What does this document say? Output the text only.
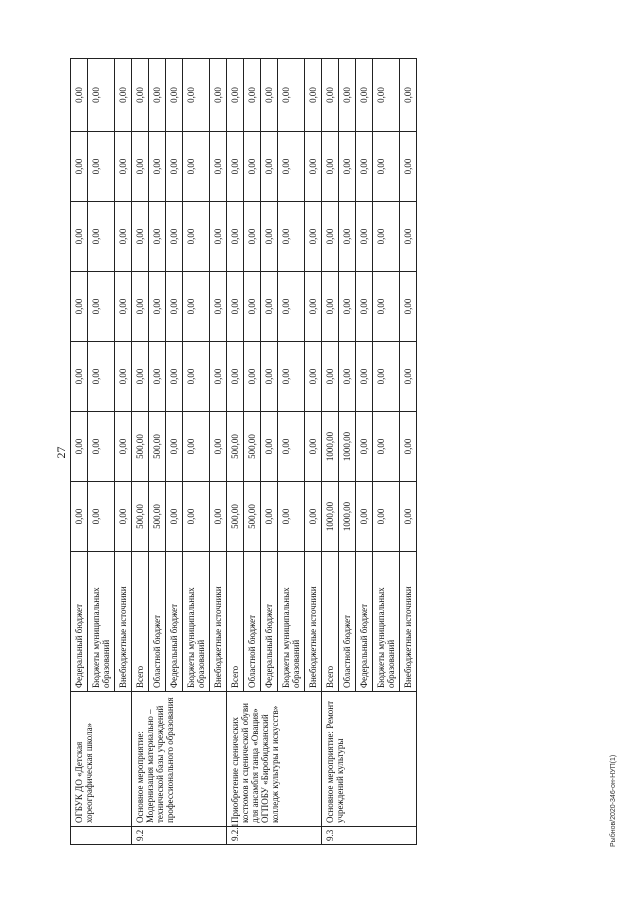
27
	ОГБУК ДО «Детская хореографическая школа»	Федеральный бюджет	0,00	0,00	0,00	0,00	0,00	0,00	0,00
		Бюджеты муниципальных образований	0,00	0,00	0,00	0,00	0,00	0,00	0,00
		Внебюджетные источники	0,00	0,00	0,00	0,00	0,00	0,00	0,00
9.2	Основное мероприятие: Модернизация материально – технической базы учреждений профессионального образования	Всего	500,00	500,00	0,00	0,00	0,00	0,00	0,00
		Областной бюджет	500,00	500,00	0,00	0,00	0,00	0,00	0,00
		Федеральный бюджет	0,00	0,00	0,00	0,00	0,00	0,00	0,00
		Бюджеты муниципальных образований	0,00	0,00	0,00	0,00	0,00	0,00	0,00
		Внебюджетные источники	0,00	0,00	0,00	0,00	0,00	0,00	0,00
9.2.1	Приобретение сценических костюмов и сценической обуви для ансамбля танца «Овация» ОГПОБУ «Биробиджанский колледж культуры и искусств»	Всего	500,00	500,00	0,00	0,00	0,00	0,00	0,00
		Областной бюджет	500,00	500,00	0,00	0,00	0,00	0,00	0,00
		Федеральный бюджет	0,00	0,00	0,00	0,00	0,00	0,00	0,00
		Бюджеты муниципальных образований	0,00	0,00	0,00	0,00	0,00	0,00	0,00
		Внебюджетные источники	0,00	0,00	0,00	0,00	0,00	0,00	0,00
9.3	Основное мероприятие: Ремонт учреждений культуры	Всего	1000,00	1000,00	0,00	0,00	0,00	0,00	0,00
		Областной бюджет	1000,00	1000,00	0,00	0,00	0,00	0,00	0,00
		Федеральный бюджет	0,00	0,00	0,00	0,00	0,00	0,00	0,00
		Бюджеты муниципальных образований	0,00	0,00	0,00	0,00	0,00	0,00	0,00
		Внебюджетные источники	0,00	0,00	0,00	0,00	0,00	0,00	0,00
Рыбнов/2020-346-он-НУП(1)
